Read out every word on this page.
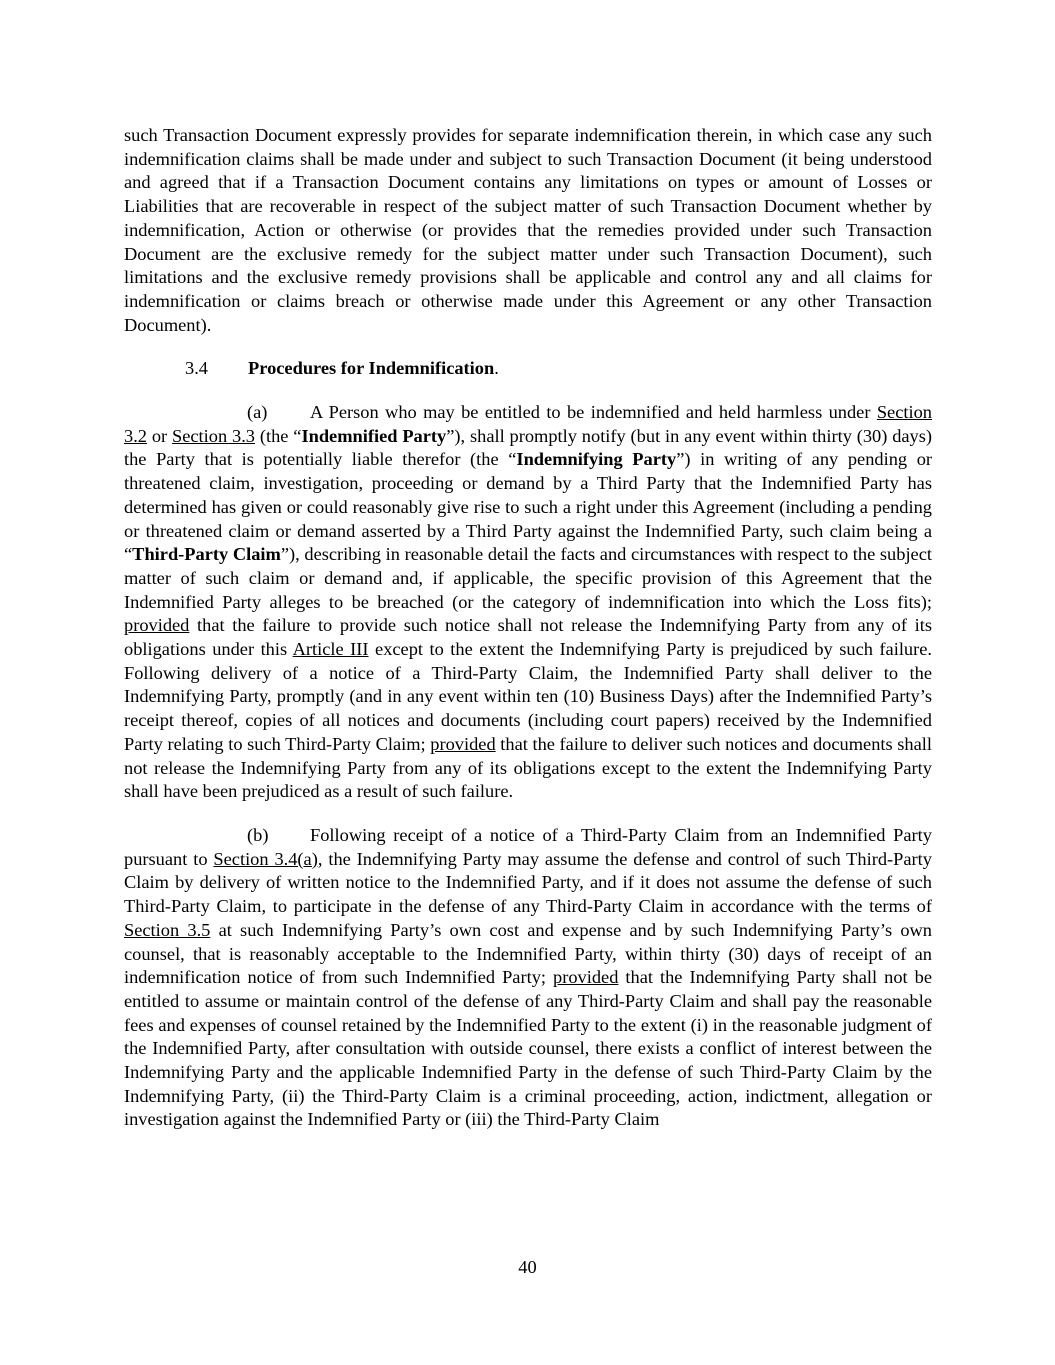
such Transaction Document expressly provides for separate indemnification therein, in which case any such indemnification claims shall be made under and subject to such Transaction Document (it being understood and agreed that if a Transaction Document contains any limitations on types or amount of Losses or Liabilities that are recoverable in respect of the subject matter of such Transaction Document whether by indemnification, Action or otherwise (or provides that the remedies provided under such Transaction Document are the exclusive remedy for the subject matter under such Transaction Document), such limitations and the exclusive remedy provisions shall be applicable and control any and all claims for indemnification or claims breach or otherwise made under this Agreement or any other Transaction Document).

3.4 Procedures for Indemnification.

(a) A Person who may be entitled to be indemnified and held harmless under Section 3.2 or Section 3.3 (the “Indemnified Party”), shall promptly notify (but in any event within thirty (30) days) the Party that is potentially liable therefor (the “Indemnifying Party”) in writing of any pending or threatened claim, investigation, proceeding or demand by a Third Party that the Indemnified Party has determined has given or could reasonably give rise to such a right under this Agreement (including a pending or threatened claim or demand asserted by a Third Party against the Indemnified Party, such claim being a “Third-Party Claim”), describing in reasonable detail the facts and circumstances with respect to the subject matter of such claim or demand and, if applicable, the specific provision of this Agreement that the Indemnified Party alleges to be breached (or the category of indemnification into which the Loss fits); provided that the failure to provide such notice shall not release the Indemnifying Party from any of its obligations under this Article III except to the extent the Indemnifying Party is prejudiced by such failure. Following delivery of a notice of a Third-Party Claim, the Indemnified Party shall deliver to the Indemnifying Party, promptly (and in any event within ten (10) Business Days) after the Indemnified Party’s receipt thereof, copies of all notices and documents (including court papers) received by the Indemnified Party relating to such Third-Party Claim; provided that the failure to deliver such notices and documents shall not release the Indemnifying Party from any of its obligations except to the extent the Indemnifying Party shall have been prejudiced as a result of such failure.

(b) Following receipt of a notice of a Third-Party Claim from an Indemnified Party pursuant to Section 3.4(a), the Indemnifying Party may assume the defense and control of such Third-Party Claim by delivery of written notice to the Indemnified Party, and if it does not assume the defense of such Third-Party Claim, to participate in the defense of any Third-Party Claim in accordance with the terms of Section 3.5 at such Indemnifying Party’s own cost and expense and by such Indemnifying Party’s own counsel, that is reasonably acceptable to the Indemnified Party, within thirty (30) days of receipt of an indemnification notice of from such Indemnified Party; provided that the Indemnifying Party shall not be entitled to assume or maintain control of the defense of any Third-Party Claim and shall pay the reasonable fees and expenses of counsel retained by the Indemnified Party to the extent (i) in the reasonable judgment of the Indemnified Party, after consultation with outside counsel, there exists a conflict of interest between the Indemnifying Party and the applicable Indemnified Party in the defense of such Third-Party Claim by the Indemnifying Party, (ii) the Third-Party Claim is a criminal proceeding, action, indictment, allegation or investigation against the Indemnified Party or (iii) the Third-Party Claim

40
